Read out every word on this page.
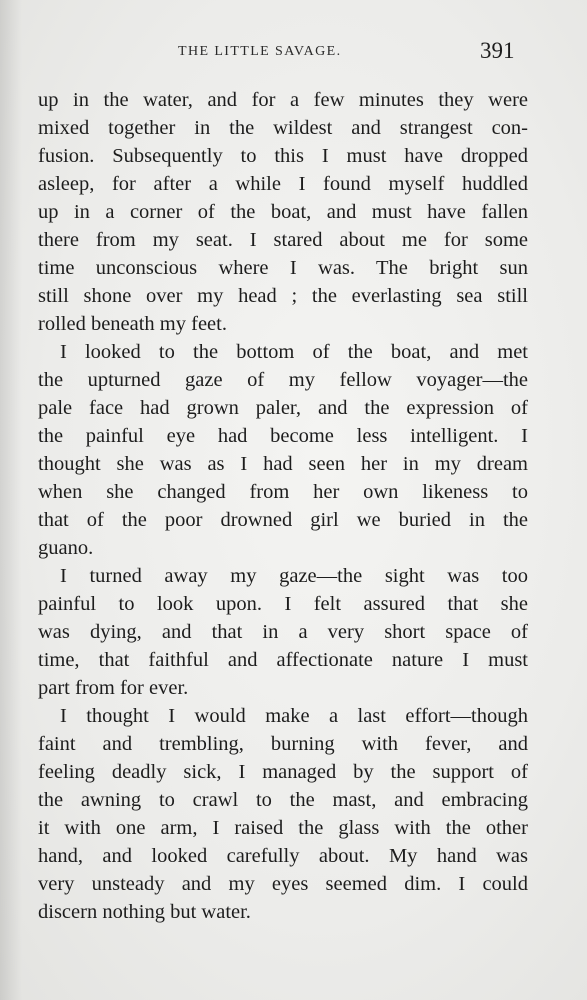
THE LITTLE SAVAGE.	391
up in the water, and for a few minutes they were
mixed together in the wildest and strangest con-
fusion. Subsequently to this I must have dropped
asleep, for after a while I found myself huddled
up in a corner of the boat, and must have fallen
there from my seat. I stared about me for some
time unconscious where I was. The bright sun
still shone over my head ; the everlasting sea still
rolled beneath my feet.
I looked to the bottom of the boat, and met
the upturned gaze of my fellow voyager—the
pale face had grown paler, and the expression of
the painful eye had become less intelligent. I
thought she was as I had seen her in my dream
when she changed from her own likeness to
that of the poor drowned girl we buried in the
guano.
I turned away my gaze—the sight was too
painful to look upon. I felt assured that she
was dying, and that in a very short space of
time, that faithful and affectionate nature I must
part from for ever.
I thought I would make a last effort—though
faint and trembling, burning with fever, and
feeling deadly sick, I managed by the support of
the awning to crawl to the mast, and embracing
it with one arm, I raised the glass with the other
hand, and looked carefully about. My hand was
very unsteady and my eyes seemed dim. I could
discern nothing but water.
